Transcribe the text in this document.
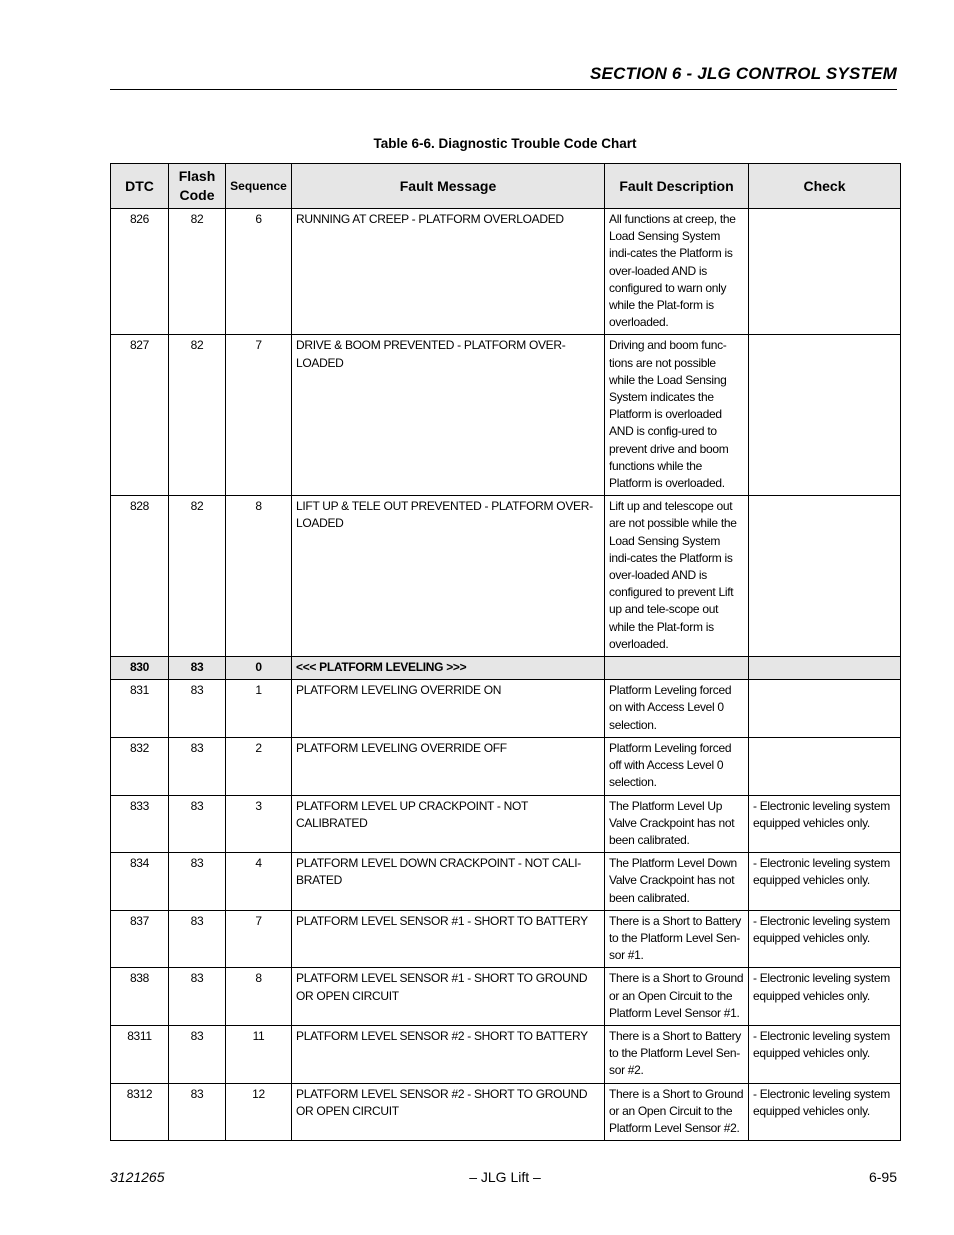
SECTION 6 - JLG CONTROL SYSTEM
Table 6-6. Diagnostic Trouble Code Chart
DTC	Flash Code	Sequence	Fault Message	Fault Description	Check
826	82	6	RUNNING AT CREEP - PLATFORM OVERLOADED	All functions at creep, the Load Sensing System indi-cates the Platform is over-loaded AND is configured to warn only while the Plat-form is overloaded.	
827	82	7	DRIVE & BOOM PREVENTED - PLATFORM OVER-LOADED	Driving and boom func-tions are not possible while the Load Sensing System indicates the Platform is overloaded AND is config-ured to prevent drive and boom functions while the Platform is overloaded.	
828	82	8	LIFT UP & TELE OUT PREVENTED - PLATFORM OVER-LOADED	Lift up and telescope out are not possible while the Load Sensing System indi-cates the Platform is over-loaded AND is configured to prevent Lift up and tele-scope out while the Plat-form is overloaded.	
830	83	0	<<< PLATFORM LEVELING >>>		
831	83	1	PLATFORM LEVELING OVERRIDE ON	Platform Leveling forced on with Access Level 0 selection.	
832	83	2	PLATFORM LEVELING OVERRIDE OFF	Platform Leveling forced off with Access Level 0 selection.	
833	83	3	PLATFORM LEVEL UP CRACKPOINT - NOT CALIBRATED	The Platform Level Up Valve Crackpoint has not been calibrated.	- Electronic leveling system equipped vehicles only.
834	83	4	PLATFORM LEVEL DOWN CRACKPOINT - NOT CALI-BRATED	The Platform Level Down Valve Crackpoint has not been calibrated.	- Electronic leveling system equipped vehicles only.
837	83	7	PLATFORM LEVEL SENSOR #1 - SHORT TO BATTERY	There is a Short to Battery to the Platform Level Sen-sor #1.	- Electronic leveling system equipped vehicles only.
838	83	8	PLATFORM LEVEL SENSOR #1 - SHORT TO GROUND OR OPEN CIRCUIT	There is a Short to Ground or an Open Circuit to the Platform Level Sensor #1.	- Electronic leveling system equipped vehicles only.
8311	83	11	PLATFORM LEVEL SENSOR #2 - SHORT TO BATTERY	There is a Short to Battery to the Platform Level Sen-sor #2.	- Electronic leveling system equipped vehicles only.
8312	83	12	PLATFORM LEVEL SENSOR #2 - SHORT TO GROUND OR OPEN CIRCUIT	There is a Short to Ground or an Open Circuit to the Platform Level Sensor #2.	- Electronic leveling system equipped vehicles only.
3121265	– JLG Lift –	6-95
